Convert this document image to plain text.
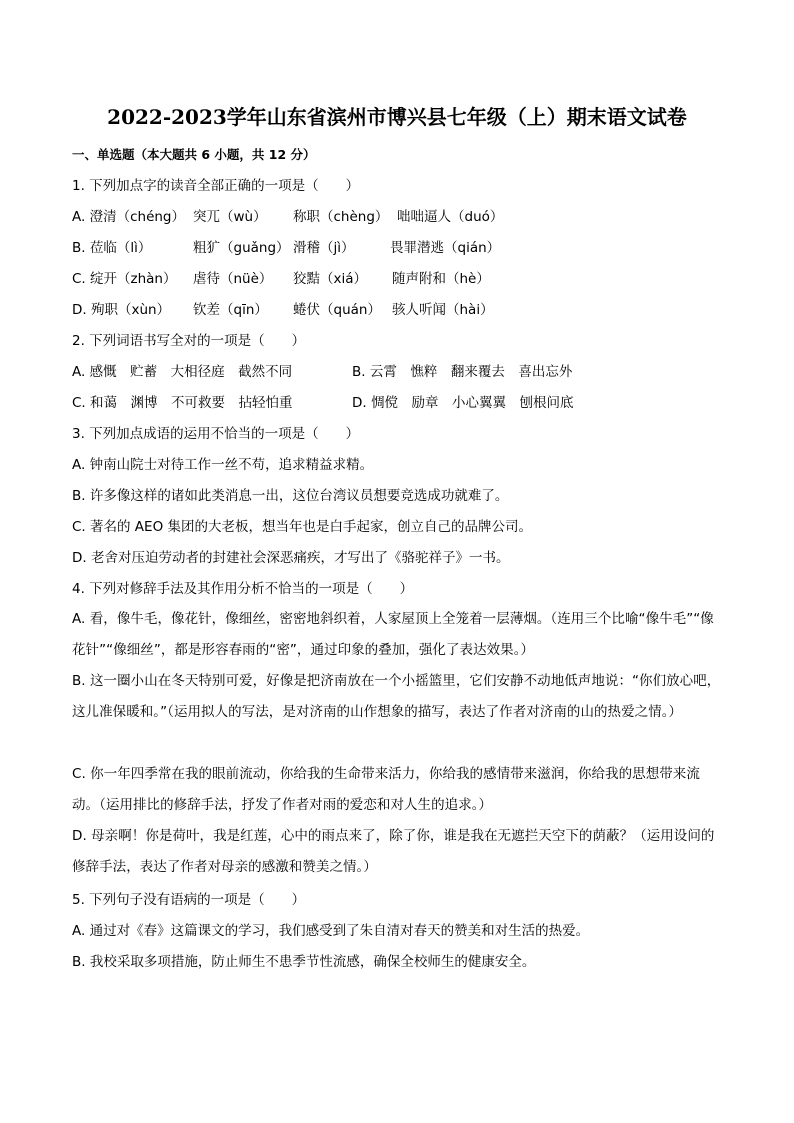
2022-2023学年山东省滨州市博兴县七年级（上）期末语文试卷
一、单选题（本大题共 6 小题，共 12 分）
1. 下列加点字的读音全部正确的一项是（　　）
A. 澄清（chéng） 突兀（wù） 称职（chèng） 咄咄逼人（duó）
B. 莅临（lì）	粗犷（guǎng） 滑稽（jì）	畏罪潜逃（qián）
C. 绽开（zhàn） 虐待（nüè） 狡黠（xiá） 随声附和（hè）
D. 殉职（xùn） 钦差（qīn） 蜷伏（quán） 骇人听闻（hài）
2. 下列词语书写全对的一项是（　　）
A. 感慨　贮蓄　大相径庭　截然不同	B. 云霄　憔粹　翻来覆去　喜出忘外
C. 和蔼　渊博　不可救要　拈轻怕重	D. 惆傥　励章　小心翼翼　刨根问底
3. 下列加点成语的运用不恰当的一项是（　　）
A. 钟南山院士对待工作一丝不苟，追求精益求精。
B. 许多像这样的诸如此类消息一出，这位台湾议员想要竞选成功就难了。
C. 著名的 AEO 集团的大老板，想当年也是白手起家，创立自己的品牌公司。
D. 老舍对压迫劳动者的封建社会深恶痛疾，才写出了《骆驼祥子》一书。
4. 下列对修辞手法及其作用分析不恰当的一项是（　　）
A. 看，像牛毛，像花针，像细丝，密密地斜织着，人家屋顶上全笼着一层薄烟。（连用三个比喻“像牛毛”“像花针”“像细丝”，都是形容春雨的“密”，通过印象的叠加，强化了表达效果。）
B. 这一圈小山在冬天特别可爱，好像是把济南放在一个小摇篮里，它们安静不动地低声地说：“你们放心吧，这儿准保暖和。”（运用拟人的写法，是对济南的山作想象的描写，表达了作者对济南的山的热爱之情。）
C. 你一年四季常在我的眼前流动，你给我的生命带来活力，你给我的感情带来滋润，你给我的思想带来流动。（运用排比的修辞手法，抒发了作者对雨的爱恋和对人生的追求。）
D. 母亲啊！你是荷叶，我是红莲，心中的雨点来了，除了你，谁是我在无遮拦天空下的荫蔽？（运用设问的修辞手法，表达了作者对母亲的感激和赞美之情。）
5. 下列句子没有语病的一项是（　　）
A. 通过对《春》这篇课文的学习，我们感受到了朱自清对春天的赞美和对生活的热爱。
B. 我校采取多项措施，防止师生不患季节性流感，确保全校师生的健康安全。
